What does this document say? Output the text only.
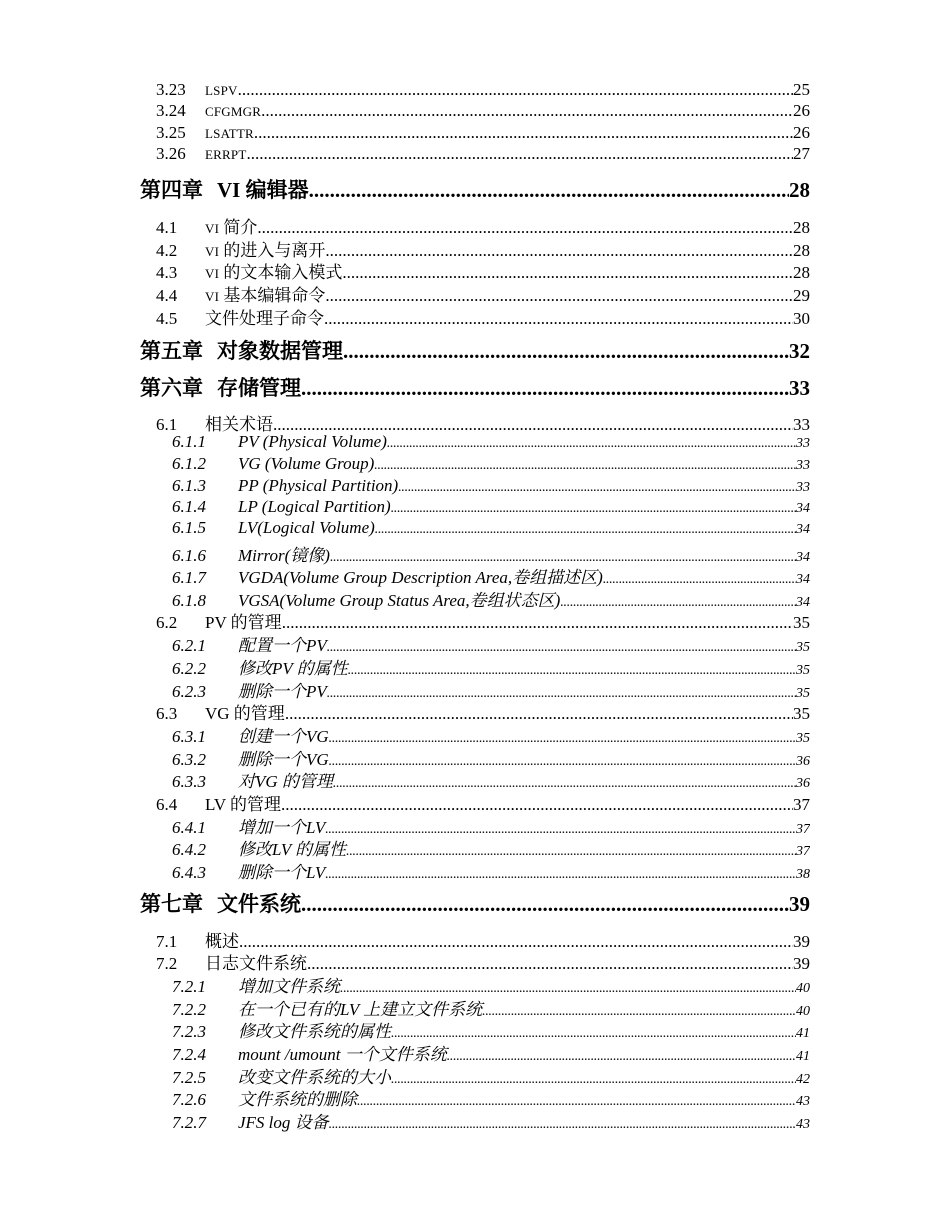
3.23	LSPV .....	25
3.24	CFGMGR .....	26
3.25	LSATTR .....	26
3.26	ERRPT .....	27
第四章 VI 编辑器 .....	28
4.1	VI 简介 .....	28
4.2	VI 的进入与离开 .....	28
4.3	VI 的文本输入模式 .....	28
4.4	VI 基本编辑命令 .....	29
4.5	文件处理子命令 .....	30
第五章 对象数据管理 .....	32
第六章 存储管理 .....	33
6.1	相关术语 .....	33
6.1.1	PV (Physical Volume) .....	33
6.1.2	VG (Volume Group) .....	33
6.1.3	PP (Physical Partition) .....	33
6.1.4	LP (Logical Partition) .....	34
6.1.5	LV(Logical Volume) .....	34
6.1.6	Mirror(镜像) .....	34
6.1.7	VGDA(Volume Group Description Area,卷组描述区) .....	34
6.1.8	VGSA(Volume Group Status Area,卷组状态区) .....	34
6.2	PV 的管理 .....	35
6.2.1	配置一个PV .....	35
6.2.2	修改PV 的属性 .....	35
6.2.3	删除一个PV .....	35
6.3	VG 的管理 .....	35
6.3.1	创建一个VG .....	35
6.3.2	删除一个VG .....	36
6.3.3	对VG 的管理 .....	36
6.4	LV 的管理 .....	37
6.4.1	增加一个LV .....	37
6.4.2	修改LV 的属性 .....	37
6.4.3	删除一个LV .....	38
第七章 文件系统 .....	39
7.1	概述 .....	39
7.2	日志文件系统 .....	39
7.2.1	增加文件系统 .....	40
7.2.2	在一个已有的LV 上建立文件系统 .....	40
7.2.3	修改文件系统的属性 .....	41
7.2.4	mount /umount 一个文件系统 .....	41
7.2.5	改变文件系统的大小 .....	42
7.2.6	文件系统的删除 .....	43
7.2.7	JFS log 设备 .....	43
